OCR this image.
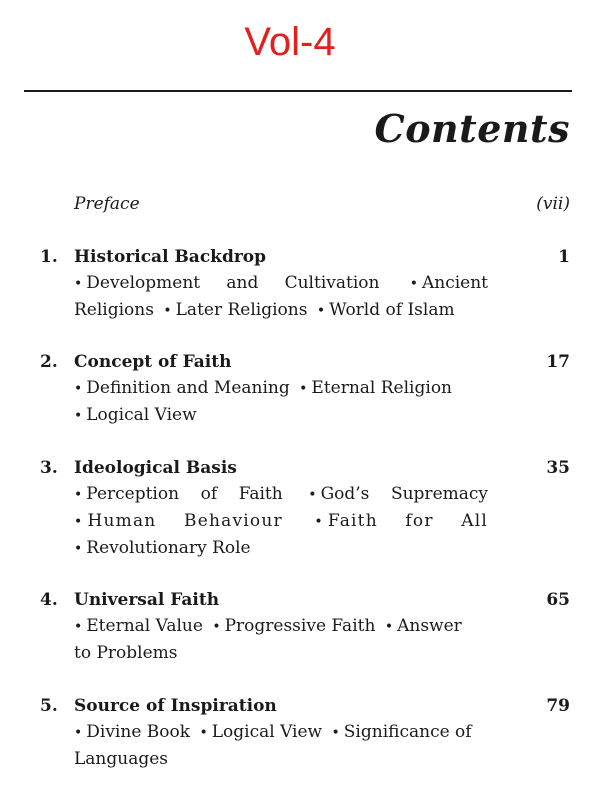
Vol-4
Contents
Preface	(vii)
1. Historical Backdrop	1
• Development and Cultivation • Ancient
Religions • Later Religions • World of Islam
2. Concept of Faith	17
• Definition and Meaning • Eternal Religion
• Logical View
3. Ideological Basis	35
• Perception of Faith • God’s Supremacy
• Human Behaviour • Faith for All
• Revolutionary Role
4. Universal Faith	65
• Eternal Value • Progressive Faith • Answer
to Problems
5. Source of Inspiration	79
• Divine Book • Logical View • Significance of
Languages
